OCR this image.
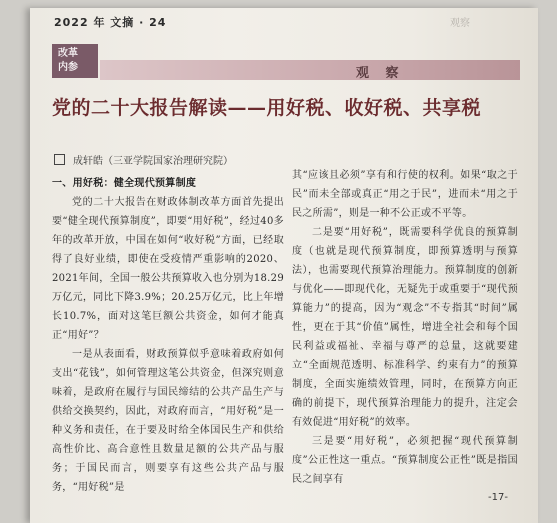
2022 年 文摘 · 24	观察
改革
内参	观 察
党的二十大报告解读——用好税、收好税、共享税
成轩皓（三亚学院国家治理研究院）

一、用好税：健全现代预算制度

党的二十大报告在财政体制改革方面首先提出要“健全现代预算制度”，即要“用好税”，经过40多年的改革开放，中国在如何“收好税”方面，已经取得了良好业绩，即使在受疫情严重影响的2020、2021年间，全国一般公共预算收入也分别为18.29万亿元，同比下降3.9%；20.25万亿元，比上年增长10.7%，面对这笔巨额公共资金，如何才能真正“用好”？

一是从表面看，财政预算似乎意味着政府如何支出“花钱”，如何管理这笔公共资金，但深究则意味着，是政府在履行与国民缔结的公共产品生产与供给交换契约，因此，对政府而言，“用好税”是一种义务和责任，在于要及时给全体国民生产和供给高性价比、高合意性且数量足额的公共产品与服务；于国民而言，则要享有这些公共产品与服务，“用好税”是

其“应该且必须”享有和行使的权利。如果“取之于民”而未全部或真正“用之于民”，进而未“用之于民之所需”，则是一种不公正或不平等。

二是要“用好税”，既需要科学优良的预算制度（也就是现代预算制度，即预算透明与预算法），也需要现代预算治理能力。预算制度的创新与优化——即现代化，无疑先于或重要于“现代预算能力”的提高，因为“观念”不专指其“时间”属性，更在于其“价值”属性，增进全社会和每个国民利益或福祉、幸福与尊严的总量，这就要建立“全面规范透明、标准科学、约束有力”的预算制度，全面实施绩效管理，同时，在预算方向正确的前提下，现代预算治理能力的提升，注定会有效促进“用好税”的效率。

三是要“用好税”，必须把握“现代预算制度”公正性这一重点。“预算制度公正性”既是指国民之间享有

-17-
